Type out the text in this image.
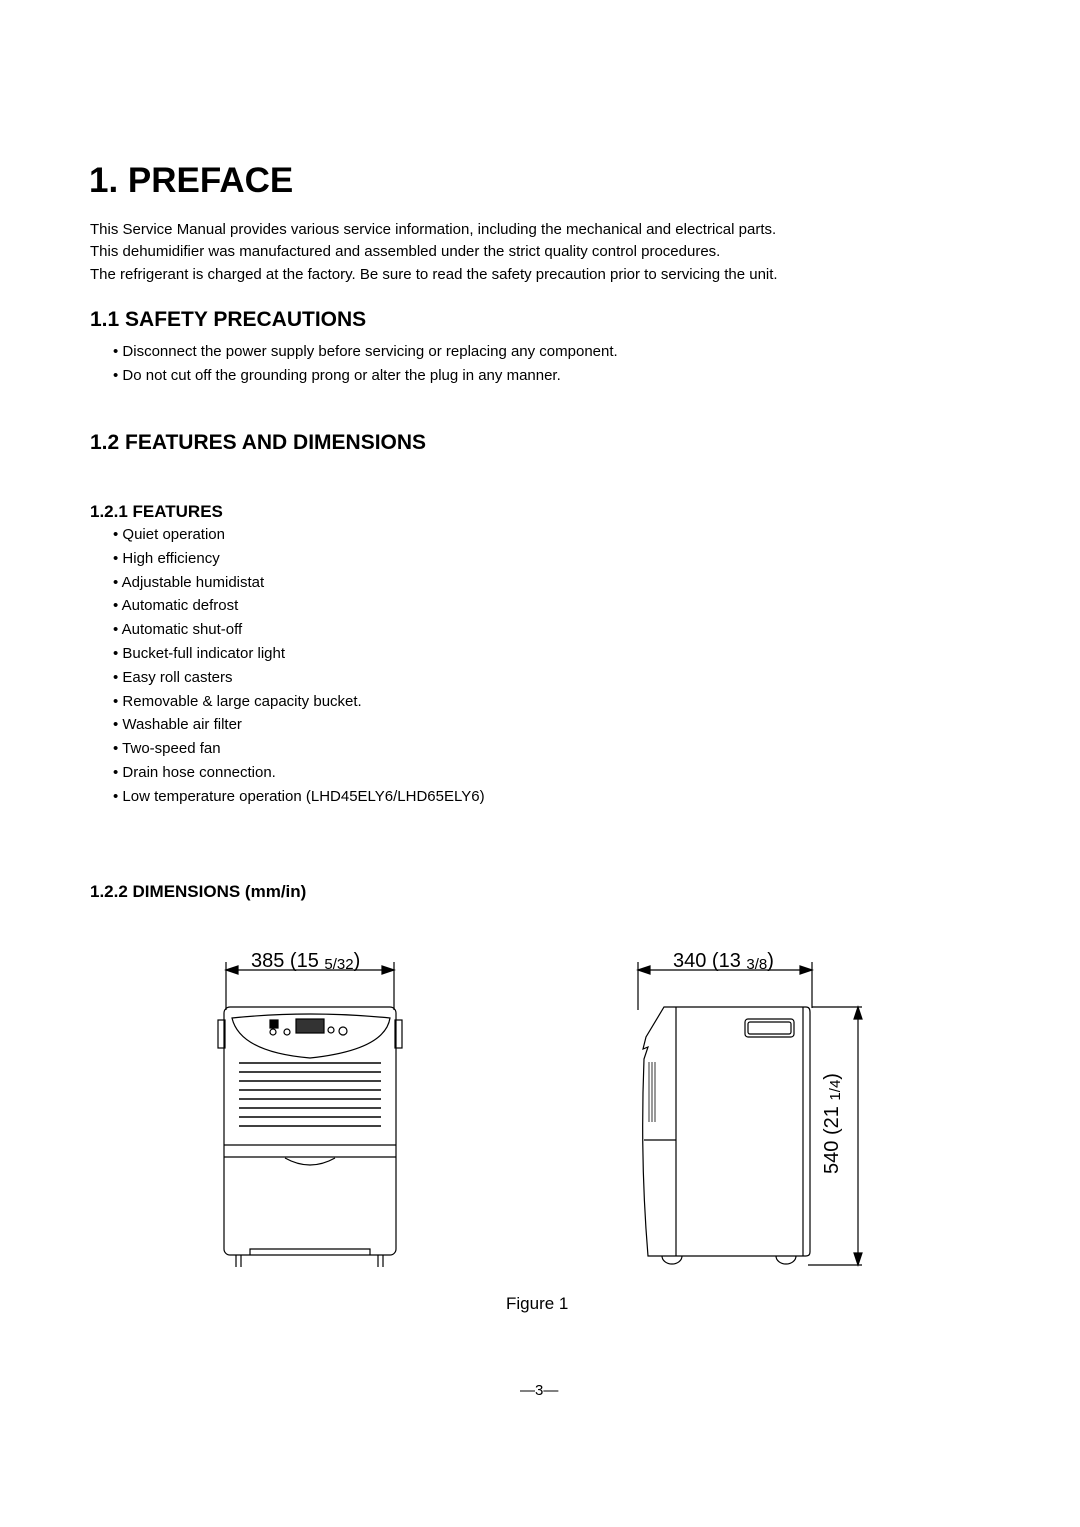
1. PREFACE
This Service Manual provides various service information, including the mechanical and electrical parts.
This dehumidifier was manufactured and assembled under the strict quality control procedures.
The refrigerant is charged at the factory. Be sure to read the safety precaution prior to servicing the unit.
1.1 SAFETY PRECAUTIONS
• Disconnect the power supply before servicing or replacing any component.
• Do not cut off the grounding prong or alter the plug in any manner.
1.2 FEATURES AND DIMENSIONS
1.2.1 FEATURES
• Quiet operation
• High efficiency
• Adjustable humidistat
• Automatic defrost
• Automatic shut-off
• Bucket-full indicator light
• Easy roll casters
• Removable & large capacity bucket.
• Washable air filter
• Two-speed fan
• Drain hose connection.
• Low temperature operation (LHD45ELY6/LHD65ELY6)
1.2.2 DIMENSIONS (mm/in)
385 (15 5/32)	340 (13 3/8)
540 (21 1/4)
Figure 1
—3—
